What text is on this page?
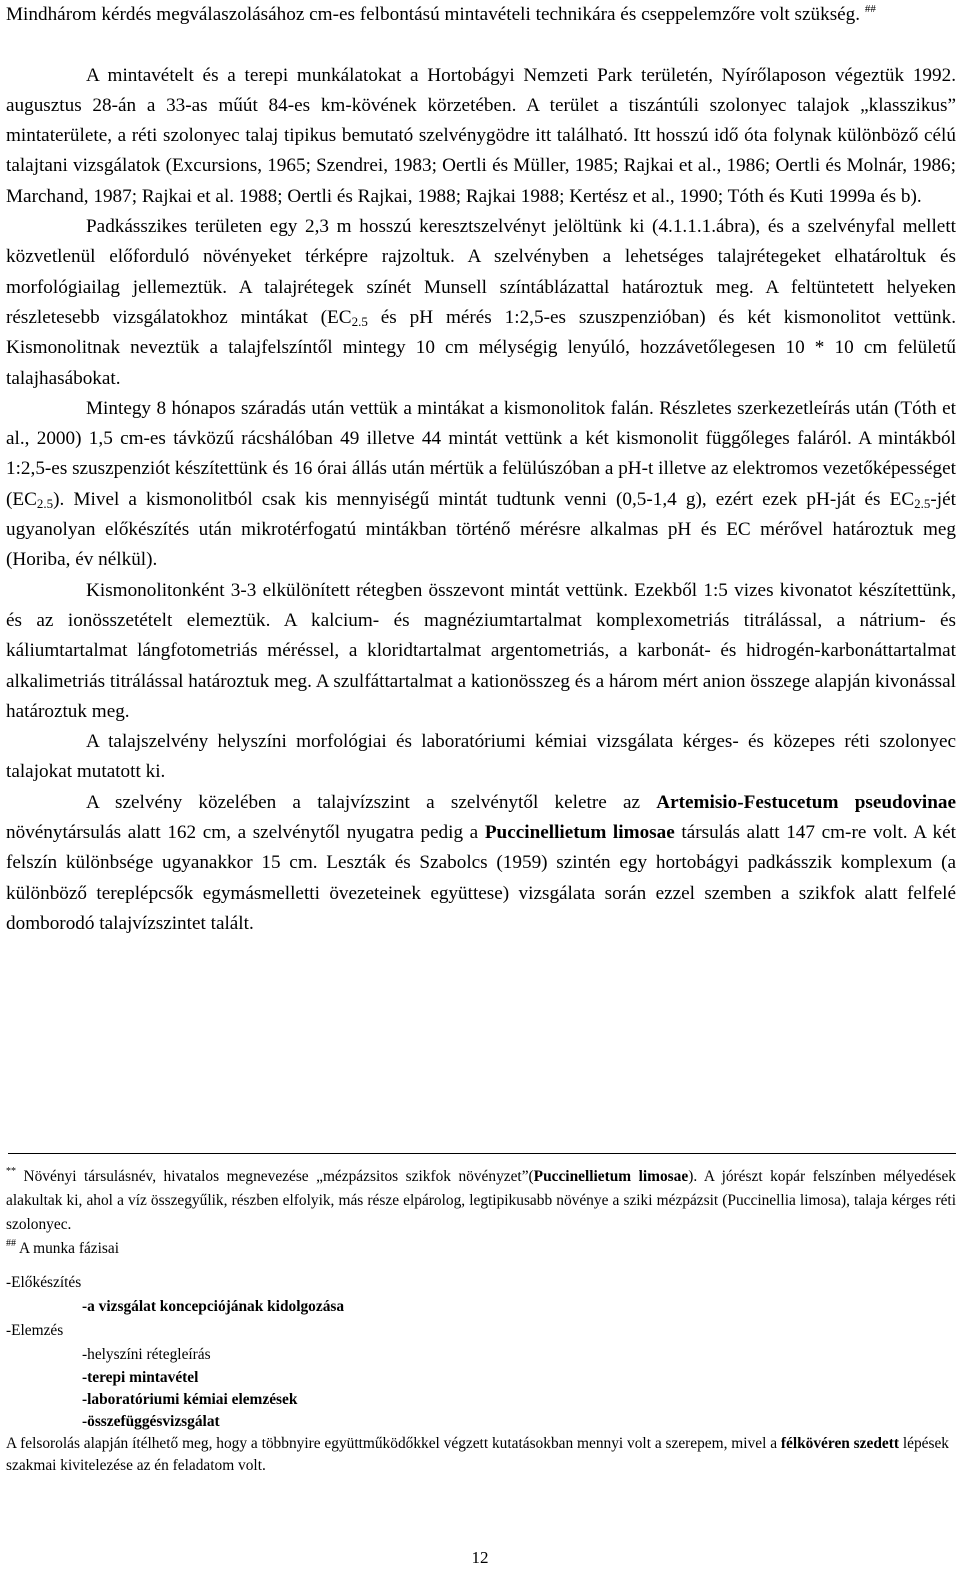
Mindhárom kérdés megválaszolásához cm-es felbontású mintavételi technikára és cseppelemzőre volt szükség. ##

A mintavételt és a terepi munkálatokat a Hortobágyi Nemzeti Park területén, Nyírőlaposon végeztük 1992. augusztus 28-án a 33-as műút 84-es km-kövének körzetében. A terület a tiszántúli szolonyec talajok „klasszikus” mintaterülete, a réti szolonyec talaj tipikus bemutató szelvénygödre itt található. Itt hosszú idő óta folynak különböző célú talajtani vizsgálatok (Excursions, 1965; Szendrei, 1983; Oertli és Müller, 1985; Rajkai et al., 1986; Oertli és Molnár, 1986; Marchand, 1987; Rajkai et al. 1988; Oertli és Rajkai, 1988; Rajkai 1988; Kertész et al., 1990; Tóth és Kuti 1999a és b).

Padkásszikes területen egy 2,3 m hosszú keresztszelvényt jelöltünk ki (4.1.1.1.ábra), és a szelvényfal mellett közvetlenül előforduló növényeket térképre rajzoltuk. A szelvényben a lehetséges talajrétegeket elhatároltuk és morfológiailag jellemeztük. A talajrétegek színét Munsell színtáblázattal határoztuk meg. A feltüntetett helyeken részletesebb vizsgálatokhoz mintákat ($EC_{2.5}$ és pH mérés 1:2,5-es szuszpenzióban) és két kismonolitot vettünk. Kismonolitnak neveztük a talajfelszíntől mintegy 10 cm mélységig lenyúló, hozzávetőlegesen 10 * 10 cm felületű talajhasábokat.

Mintegy 8 hónapos száradás után vettük a mintákat a kismonolitok falán. Részletes szerkezetleírás után (Tóth et al., 2000) 1,5 cm-es távközű rácshálóban 49 illetve 44 mintát vettünk a két kismonolit függőleges faláról. A mintákból 1:2,5-es szuszpenziót készítettünk és 16 órai állás után mértük a felülúszóban a pH-t illetve az elektromos vezetőképességet $(EC_{2.5})$. Mivel a kismonolitból csak kis mennyiségű mintát tudtunk venni (0,5-1,4 g), ezért ezek pH-ját és $EC_{2.5}$-jét ugyanolyan előkészítés után mikrotérfogatú mintákban történő mérésre alkalmas pH és EC mérővel határoztuk meg (Horiba, év nélkül).

Kismonolitonként 3-3 elkülönített rétegben összevont mintát vettünk. Ezekből 1:5 vizes kivonatot készítettünk, és az ionösszetételt elemeztük. A kalcium- és magnéziumtartalmat komplexometriás titrálással, a nátrium- és káliumtartalmat lángfotometriás méréssel, a kloridtartalmat argentometriás, a karbonát- és hidrogén-karbonáttartalmat alkalimetriás titrálással határoztuk meg. A szulfáttartalmat a kationösszeg és a három mért anion összege alapján kivonással határoztuk meg.

A talajszelvény helyszíni morfológiai és laboratóriumi kémiai vizsgálata kérges- és közepes réti szolonyec talajokat mutatott ki.

A szelvény közelében a talajvízszint a szelvénytől keletre az Artemisio-Festucetum pseudovinae növénytársulás alatt 162 cm, a szelvénytől nyugatra pedig a Puccinellietum limosae társulás alatt 147 cm-re volt. A két felszín különbsége ugyanakkor 15 cm. Leszták és Szabolcs (1959) szintén egy hortobágyi padkásszik komplexum (a különböző tereplépcsők egymásmelletti övezeteinek együttese) vizsgálata során ezzel szemben a szikfok alatt felfelé domborodó talajvízszintet talált.

** Növényi társulásnév, hivatalos megnevezése „mézpázsitos szikfok növényzet”(Puccinellietum limosae). A jórészt kopár felszínben mélyedések alakultak ki, ahol a víz összegyűlik, részben elfolyik, más része elpárolog, legtipikusabb növénye a sziki mézpázsit (Puccinellia limosa), talaja kérges réti szolonyec.

## A munka fázisai

-Előkészítés

-a vizsgálat koncepciójának kidolgozása

-Elemzés

-helyszíni rétegleírás

-terepi mintavétel

-laboratóriumi kémiai elemzések

-összefüggésvizsgálat

A felsorolás alapján ítélhető meg, hogy a többnyire együttműködőkkel végzett kutatásokban mennyi volt a szerepem, mivel a félkövéren szedett lépések szakmai kivitelezése az én feladatom volt.

12
